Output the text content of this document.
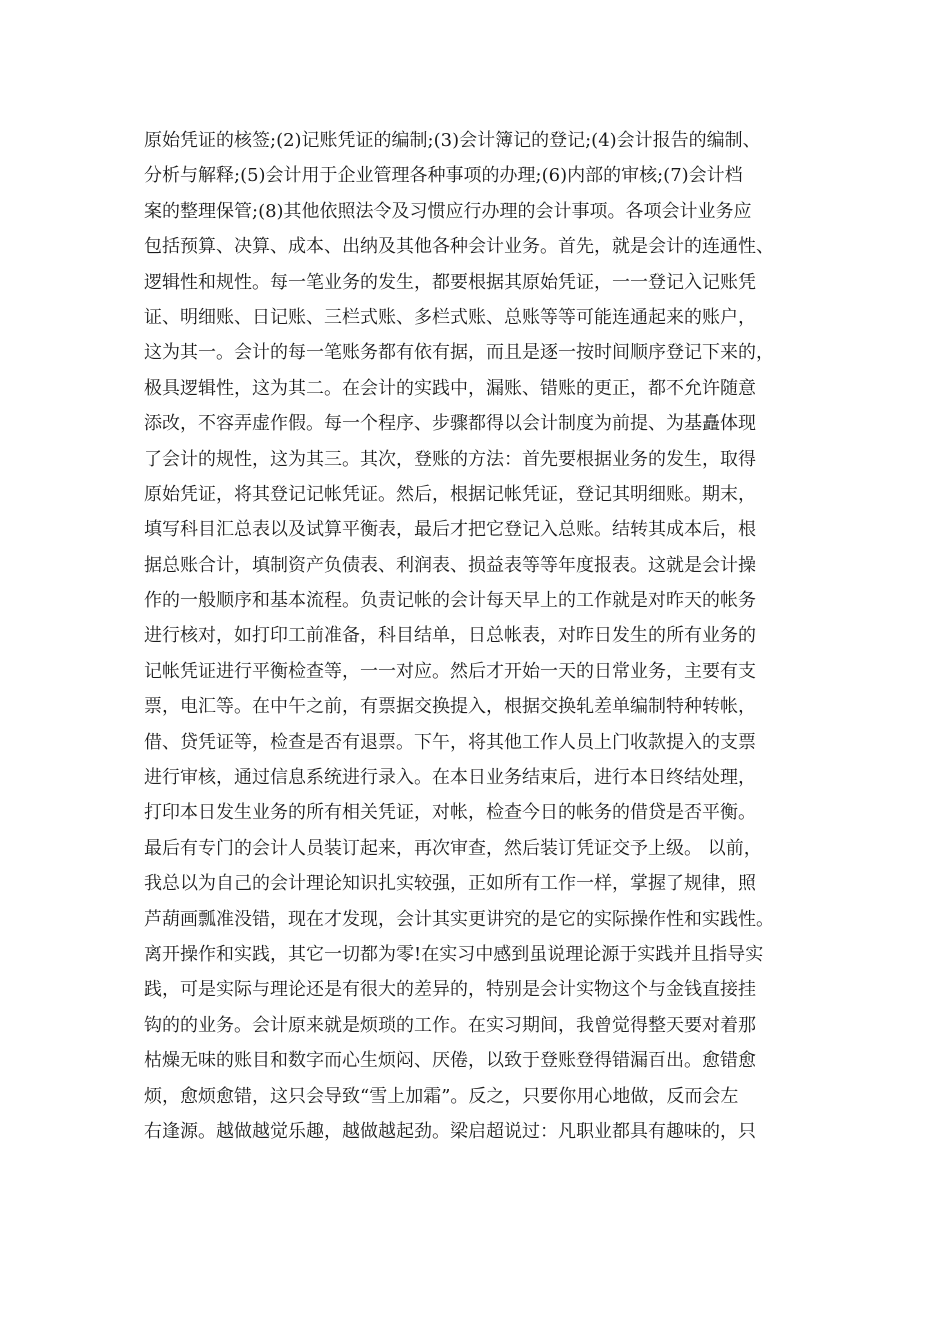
原始凭证的核签;(2)记账凭证的编制;(3)会计簿记的登记;(4)会计报告的编制、
分析与解释;(5)会计用于企业管理各种事项的办理;(6)内部的审核;(7)会计档
案的整理保管;(8)其他依照法令及习惯应行办理的会计事项。各项会计业务应
包括预算、决算、成本、出纳及其他各种会计业务。首先，就是会计的连通性、
逻辑性和规性。每一笔业务的发生，都要根据其原始凭证，一一登记入记账凭
证、明细账、日记账、三栏式账、多栏式账、总账等等可能连通起来的账户，
这为其一。会计的每一笔账务都有依有据，而且是逐一按时间顺序登记下来的，
极具逻辑性，这为其二。在会计的实践中，漏账、错账的更正，都不允许随意
添改，不容弄虚作假。每一个程序、步骤都得以会计制度为前提、为基矗体现
了会计的规性，这为其三。其次，登账的方法：首先要根据业务的发生，取得
原始凭证，将其登记记帐凭证。然后，根据记帐凭证，登记其明细账。期末，
填写科目汇总表以及试算平衡表，最后才把它登记入总账。结转其成本后，根
据总账合计，填制资产负债表、利润表、损益表等等年度报表。这就是会计操
作的一般顺序和基本流程。负责记帐的会计每天早上的工作就是对昨天的帐务
进行核对，如打印工前准备，科目结单，日总帐表，对昨日发生的所有业务的
记帐凭证进行平衡检查等，一一对应。然后才开始一天的日常业务，主要有支
票，电汇等。在中午之前，有票据交换提入，根据交换轧差单编制特种转帐，
借、贷凭证等，检查是否有退票。下午，将其他工作人员上门收款提入的支票
进行审核，通过信息系统进行录入。在本日业务结束后，进行本日终结处理，
打印本日发生业务的所有相关凭证，对帐，检查今日的帐务的借贷是否平衡。
最后有专门的会计人员装订起来，再次审查，然后装订凭证交予上级。 以前，
我总以为自己的会计理论知识扎实较强，正如所有工作一样，掌握了规律，照
芦葫画瓢准没错，现在才发现，会计其实更讲究的是它的实际操作性和实践性。
离开操作和实践，其它一切都为零!在实习中感到虽说理论源于实践并且指导实
践，可是实际与理论还是有很大的差异的，特别是会计实物这个与金钱直接挂
钩的的业务。会计原来就是烦琐的工作。在实习期间，我曾觉得整天要对着那
枯燥无味的账目和数字而心生烦闷、厌倦，以致于登账登得错漏百出。愈错愈
烦，愈烦愈错，这只会导致“雪上加霜”。反之，只要你用心地做，反而会左
右逢源。越做越觉乐趣，越做越起劲。梁启超说过：凡职业都具有趣味的，只
